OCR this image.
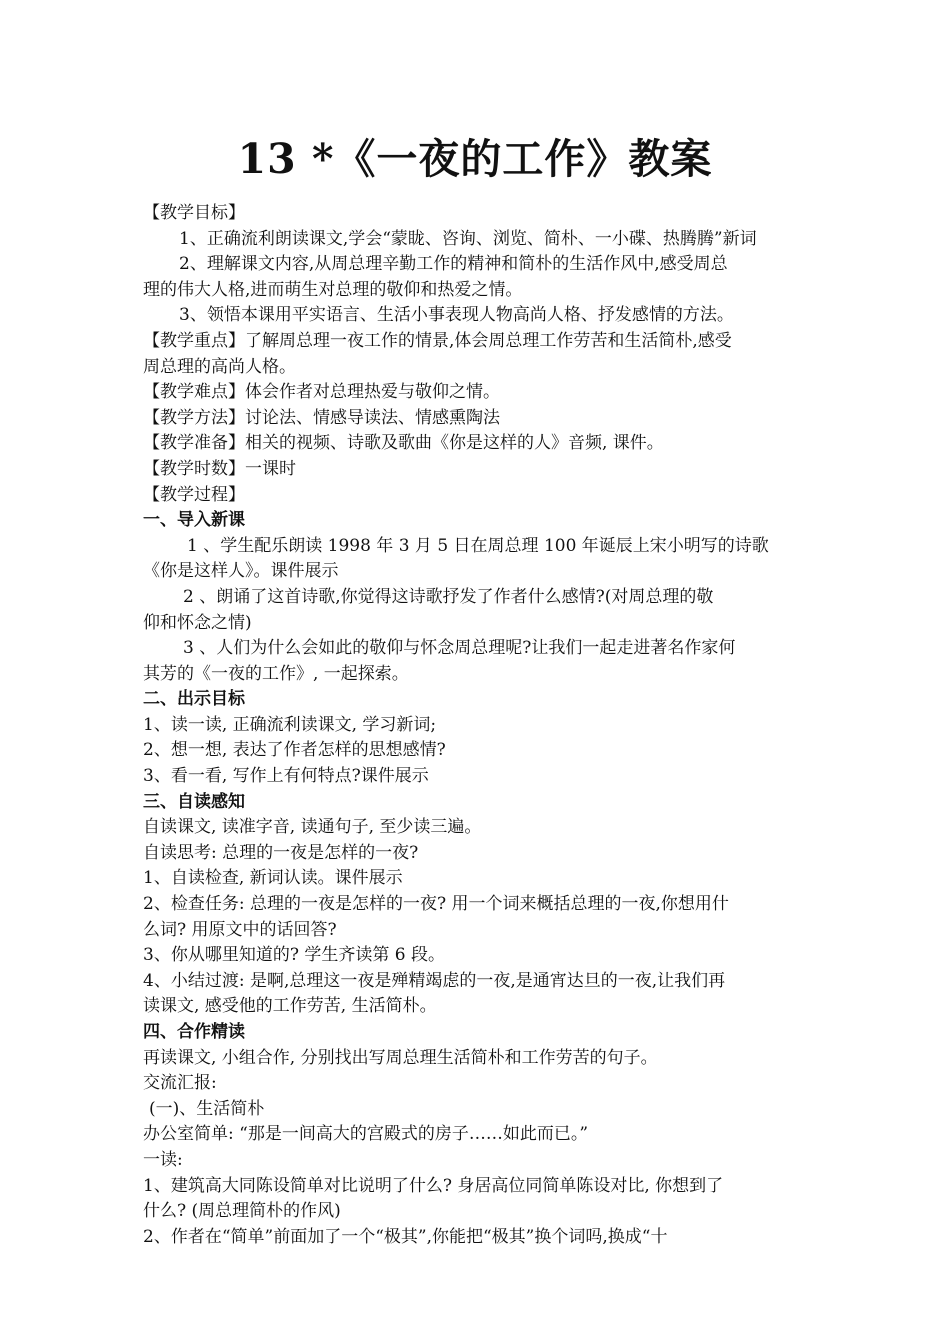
13 *《一夜的工作》教案
【教学目标】
1、正确流利朗读课文,学会“蒙眬、咨询、浏览、简朴、一小碟、热腾腾”新词
2、理解课文内容,从周总理辛勤工作的精神和简朴的生活作风中,感受周总
理的伟大人格,进而萌生对总理的敬仰和热爱之情。
3、领悟本课用平实语言、生活小事表现人物高尚人格、抒发感情的方法。
【教学重点】了解周总理一夜工作的情景,体会周总理工作劳苦和生活简朴,感受
周总理的高尚人格。
【教学难点】体会作者对总理热爱与敬仰之情。
【教学方法】讨论法、情感导读法、情感熏陶法
【教学准备】相关的视频、诗歌及歌曲《你是这样的人》音频, 课件。
【教学时数】一课时
【教学过程】
一、导入新课
1 、学生配乐朗读 1998 年 3 月 5 日在周总理 100 年诞辰上宋小明写的诗歌
《你是这样人》。课件展示
2 、朗诵了这首诗歌,你觉得这诗歌抒发了作者什么感情?(对周总理的敬
仰和怀念之情)
3 、人们为什么会如此的敬仰与怀念周总理呢?让我们一起走进著名作家何
其芳的《一夜的工作》, 一起探索。
二、出示目标
1、读一读, 正确流利读课文, 学习新词;
2、想一想, 表达了作者怎样的思想感情?
3、看一看, 写作上有何特点?课件展示
三、自读感知
自读课文, 读准字音, 读通句子, 至少读三遍。
自读思考: 总理的一夜是怎样的一夜?
1、自读检查, 新词认读。课件展示
2、检查任务: 总理的一夜是怎样的一夜? 用一个词来概括总理的一夜,你想用什
么词? 用原文中的话回答?
3、你从哪里知道的? 学生齐读第 6 段。
4、小结过渡: 是啊,总理这一夜是殚精竭虑的一夜,是通宵达旦的一夜,让我们再
读课文, 感受他的工作劳苦, 生活简朴。
四、合作精读
再读课文, 小组合作, 分别找出写周总理生活简朴和工作劳苦的句子。
交流汇报:
(一)、生活简朴
办公室简单: “那是一间高大的宫殿式的房子……如此而已。”
一读:
1、建筑高大同陈设简单对比说明了什么? 身居高位同简单陈设对比, 你想到了
什么? (周总理简朴的作风)
2、作者在“简单”前面加了一个“极其”,你能把“极其”换个词吗,换成“十
